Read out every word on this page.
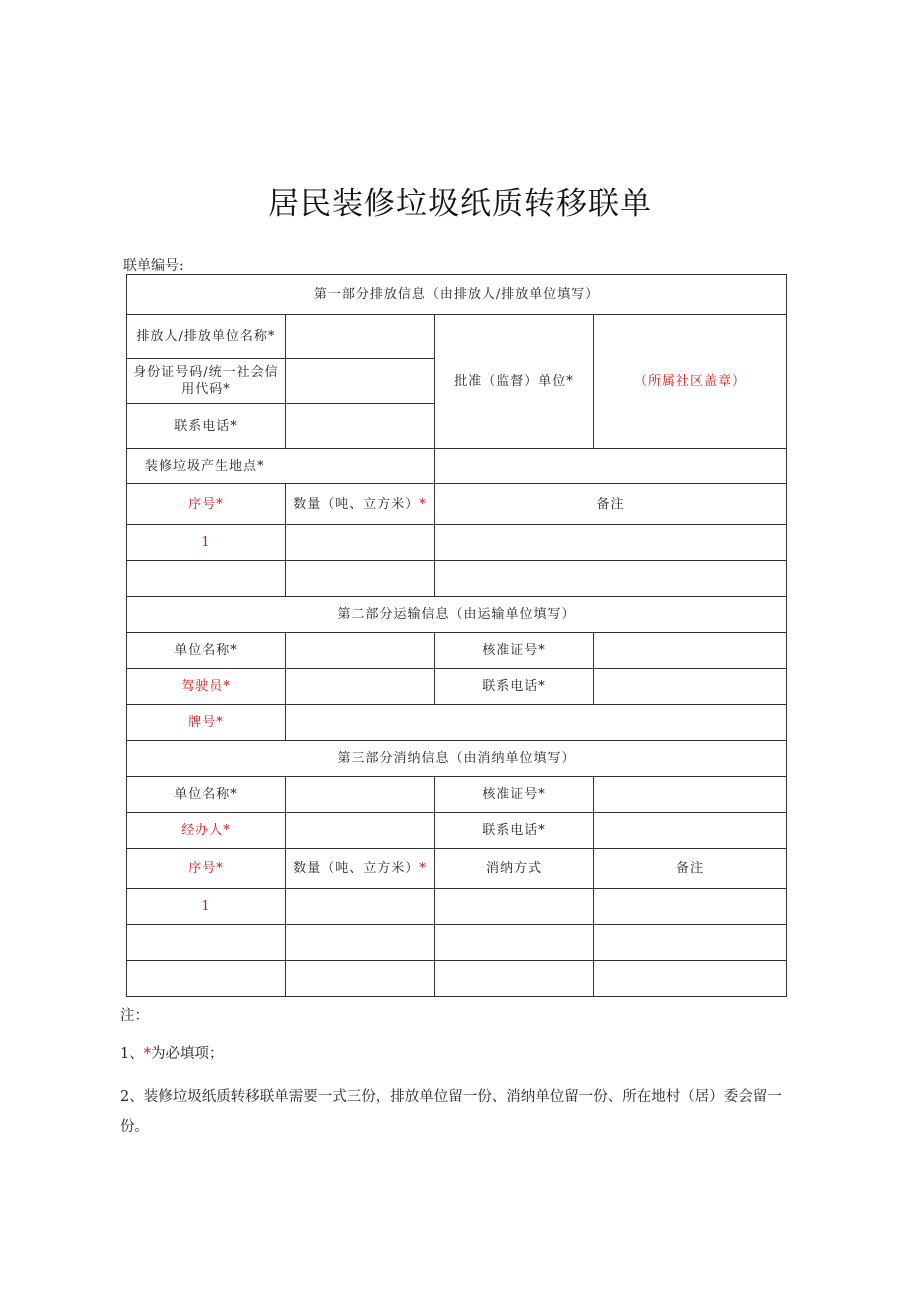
居民装修垃圾纸质转移联单
联单编号:
第一部分排放信息（由排放人/排放单位填写）			
排放人/排放单位名称*		批准（监督）单位*	（所属社区盖章）
身份证号码/统一社会信用代码*			
联系电话*			
装修垃圾产生地点*			
序号*	数量（吨、立方米）*	备注	
1			

第二部分运输信息（由运输单位填写）			
单位名称*		核准证号*	
驾驶员*		联系电话*	
牌号*			
第三部分消纳信息（由消纳单位填写）			
单位名称*		核准证号*	
经办人*		联系电话*	
序号*	数量（吨、立方米）*	消纳方式	备注
1			

注：

1、*为必填项；

2、装修垃圾纸质转移联单需要一式三份，排放单位留一份、消纳单位留一份、所在地村（居）委会留一份。
